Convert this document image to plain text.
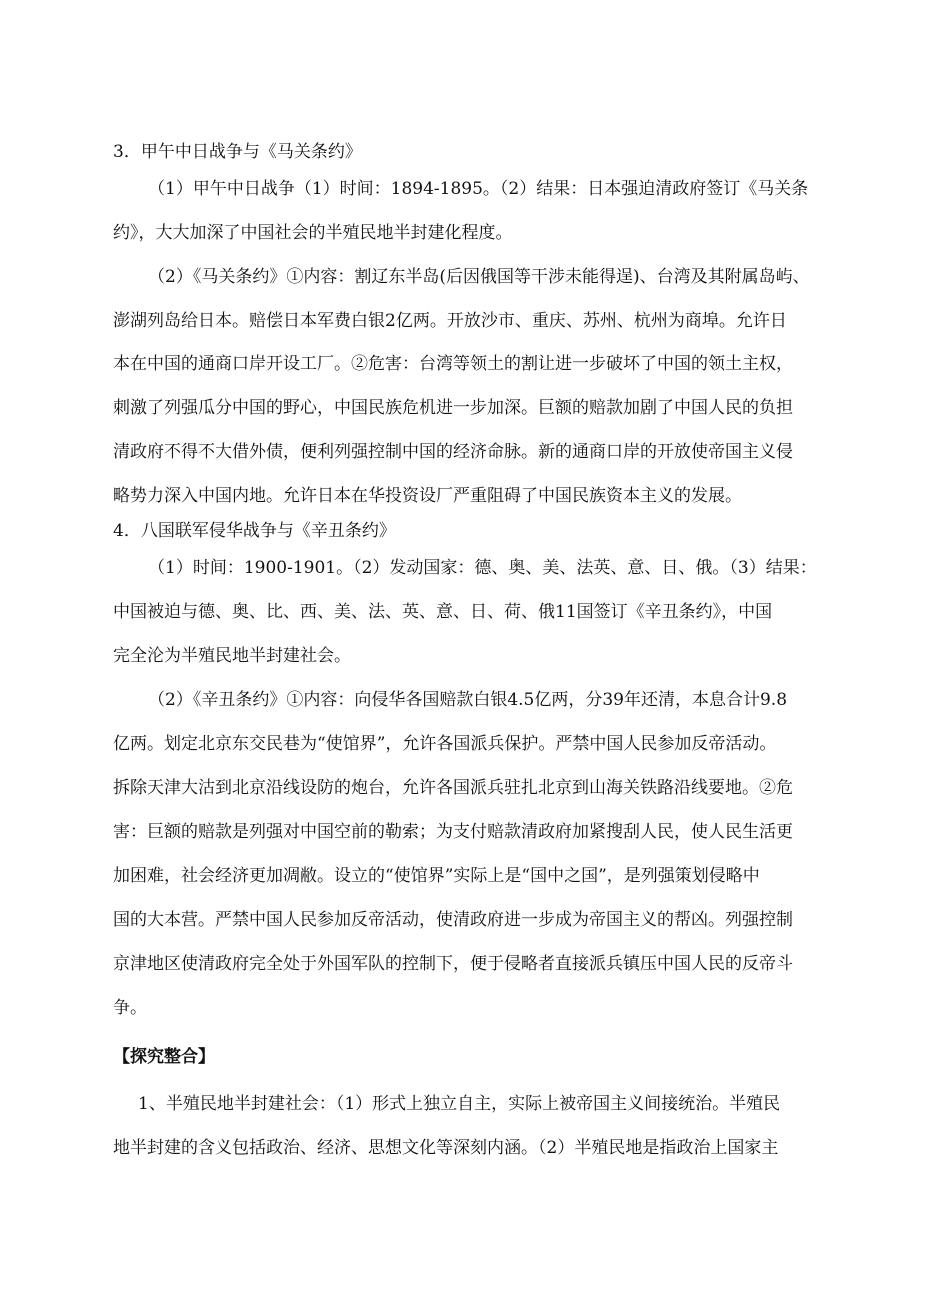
3．甲午中日战争与《马关条约》
（1）甲午中日战争（1）时间：1894-1895。（2）结果：日本强迫清政府签订《马关条
约》，大大加深了中国社会的半殖民地半封建化程度。
（2）《马关条约》①内容：割辽东半岛(后因俄国等干涉未能得逞)、台湾及其附属岛屿、
澎湖列岛给日本。赔偿日本军费白银2亿两。开放沙市、重庆、苏州、杭州为商埠。允许日
本在中国的通商口岸开设工厂。②危害：台湾等领土的割让进一步破坏了中国的领土主权，
刺激了列强瓜分中国的野心，中国民族危机进一步加深。巨额的赔款加剧了中国人民的负担
清政府不得不大借外债，便利列强控制中国的经济命脉。新的通商口岸的开放使帝国主义侵
略势力深入中国内地。允许日本在华投资设厂严重阻碍了中国民族资本主义的发展。
4．八国联军侵华战争与《辛丑条约》
（1）时间：1900-1901。（2）发动国家：德、奥、美、法英、意、日、俄。（3）结果：
中国被迫与德、奥、比、西、美、法、英、意、日、荷、俄11国签订《辛丑条约》，中国
完全沦为半殖民地半封建社会。
（2）《辛丑条约》①内容：向侵华各国赔款白银4.5亿两，分39年还清，本息合计9.8
亿两。划定北京东交民巷为“使馆界”，允许各国派兵保护。严禁中国人民参加反帝活动。
拆除天津大沽到北京沿线设防的炮台，允许各国派兵驻扎北京到山海关铁路沿线要地。②危
害：巨额的赔款是列强对中国空前的勒索；为支付赔款清政府加紧搜刮人民，使人民生活更
加困难，社会经济更加凋敝。设立的“使馆界”实际上是“国中之国”，是列强策划侵略中
国的大本营。严禁中国人民参加反帝活动，使清政府进一步成为帝国主义的帮凶。列强控制
京津地区使清政府完全处于外国军队的控制下，便于侵略者直接派兵镇压中国人民的反帝斗
争。
【探究整合】
1、半殖民地半封建社会：（1）形式上独立自主，实际上被帝国主义间接统治。半殖民
地半封建的含义包括政治、经济、思想文化等深刻内涵。（2）半殖民地是指政治上国家主
